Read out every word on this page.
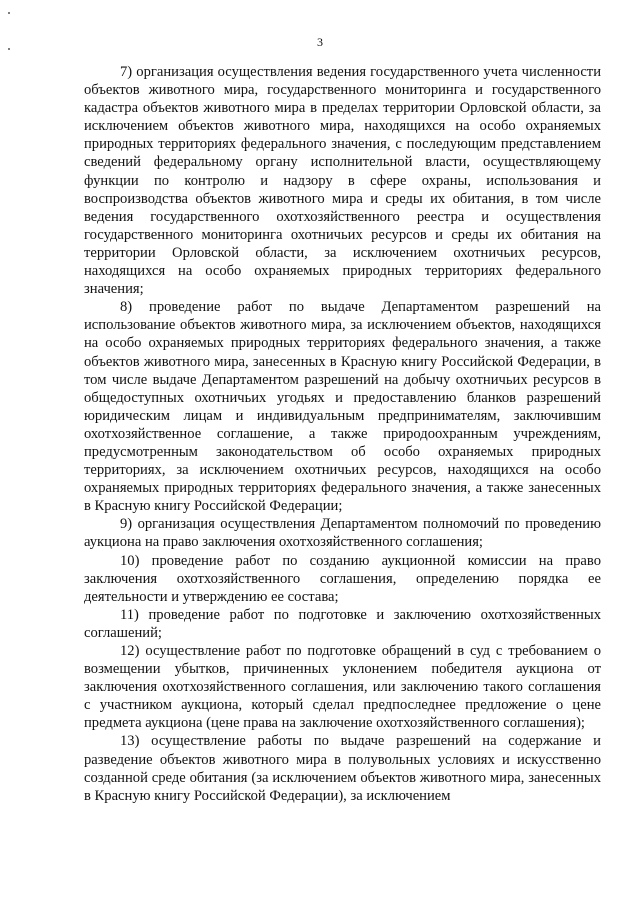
3

7) организация осуществления ведения государственного учета численности объектов животного мира, государственного мониторинга и государственного кадастра объектов животного мира в пределах территории Орловской области, за исключением объектов животного мира, находящихся на особо охраняемых природных территориях федерального значения, с последующим представлением сведений федеральному органу исполнительной власти, осуществляющему функции по контролю и надзору в сфере охраны, использования и воспроизводства объектов животного мира и среды их обитания, в том числе ведения государственного охотхозяйственного реестра и осуществления государственного мониторинга охотничьих ресурсов и среды их обитания на территории Орловской области, за исключением охотничьих ресурсов, находящихся на особо охраняемых природных территориях федерального значения;

8) проведение работ по выдаче Департаментом разрешений на использование объектов животного мира, за исключением объектов, находящихся на особо охраняемых природных территориях федерального значения, а также объектов животного мира, занесенных в Красную книгу Российской Федерации, в том числе выдаче Департаментом разрешений на добычу охотничьих ресурсов в общедоступных охотничьих угодьях и предоставлению бланков разрешений юридическим лицам и индивидуальным предпринимателям, заключившим охотхозяйственное соглашение, а также природоохранным учреждениям, предусмотренным законодательством об особо охраняемых природных территориях, за исключением охотничьих ресурсов, находящихся на особо охраняемых природных территориях федерального значения, а также занесенных в Красную книгу Российской Федерации;

9) организация осуществления Департаментом полномочий по проведению аукциона на право заключения охотхозяйственного соглашения;

10) проведение работ по созданию аукционной комиссии на право заключения охотхозяйственного соглашения, определению порядка ее деятельности и утверждению ее состава;

11) проведение работ по подготовке и заключению охотхозяйственных соглашений;

12) осуществление работ по подготовке обращений в суд с требованием о возмещении убытков, причиненных уклонением победителя аукциона от заключения охотхозяйственного соглашения, или заключению такого соглашения с участником аукциона, который сделал предпоследнее предложение о цене предмета аукциона (цене права на заключение охотхозяйственного соглашения);

13) осуществление работы по выдаче разрешений на содержание и разведение объектов животного мира в полувольных условиях и искусственно созданной среде обитания (за исключением объектов животного мира, занесенных в Красную книгу Российской Федерации), за исключением
